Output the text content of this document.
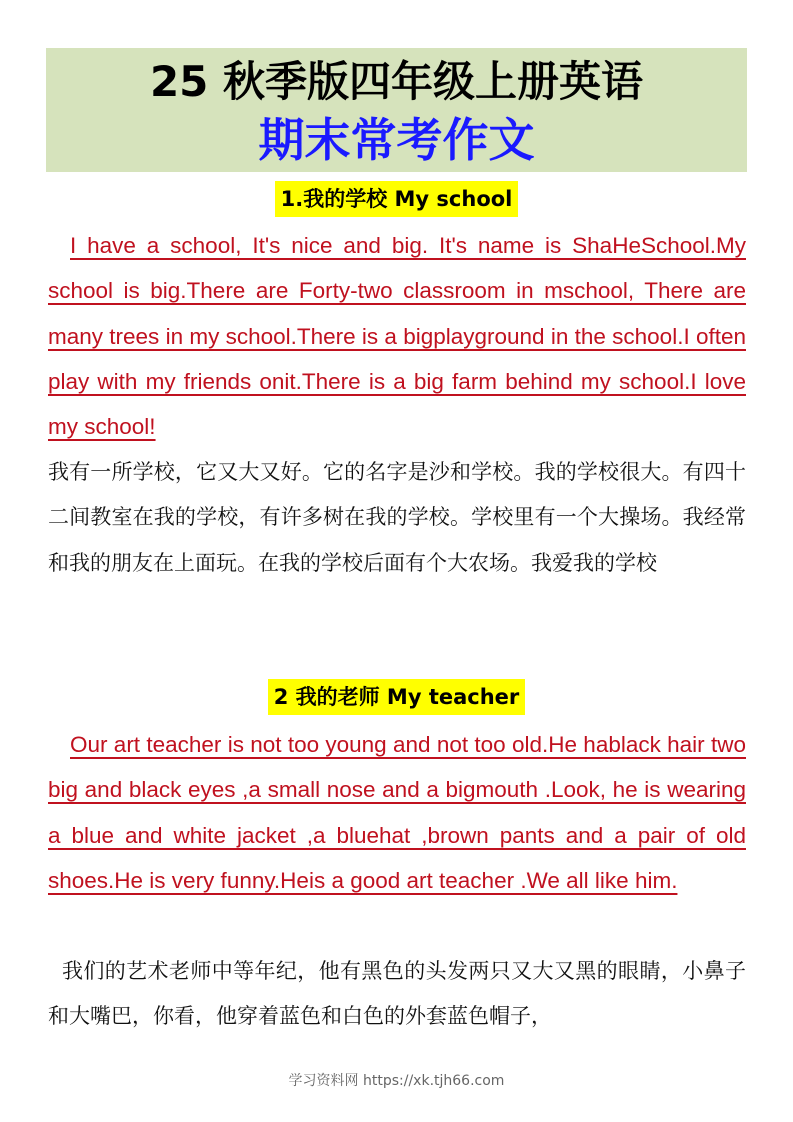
25 秋季版四年级上册英语
期末常考作文
1.我的学校 My school
I have a school, It's nice and big. It's name is ShaHeSchool.My school is big.There are Forty-two classroom in mschool, There are many trees in my school.There is a bigplayground in the school.I often play with my friends onit.There is a big farm behind my school.I love my school!
我有一所学校，它又大又好。它的名字是沙和学校。我的学校很大。有四十二间教室在我的学校，有许多树在我的学校。学校里有一个大操场。我经常和我的朋友在上面玩。在我的学校后面有个大农场。我爱我的学校
2 我的老师 My teacher
Our art teacher is not too young and not too old.He hablack hair two big and black eyes ,a small nose and a bigmouth .Look, he is wearing a blue and white jacket ,a bluehat ,brown pants and a pair of old shoes.He is very funny.Heis a good art teacher .We all like him.
我们的艺术老师中等年纪，他有黑色的头发两只又大又黑的眼睛，小鼻子和大嘴巴，你看，他穿着蓝色和白色的外套蓝色帽子，
学习资料网 https://xk.tjh66.com
